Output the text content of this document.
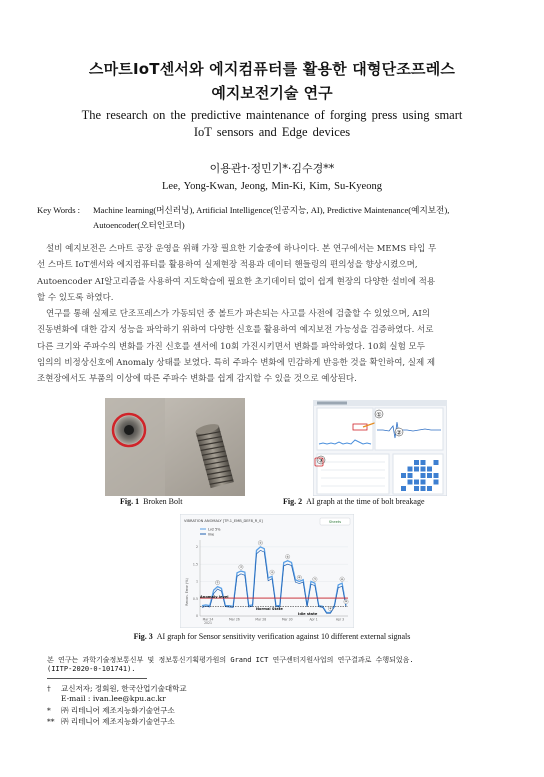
스마트IoT센서와 에지컴퓨터를 활용한 대형단조프레스
예지보전기술 연구
The research on the predictive maintenance of forging press using smart
IoT sensors and Edge devices
이용관†·정민기*·김수경**
Lee, Yong-Kwan, Jeong, Min-Ki, Kim, Su-Kyeong
Key Words : Machine learning(머신러닝), Artificial Intelligence(인공지능, AI), Predictive Maintenance(예지보전),
Autoencoder(오터인코더)
설비 예지보전은 스마트 공장 운영을 위해 가장 필요한 기술중에 하나이다. 본 연구에서는 MEMS 타입 무
선 스마트 IoT센서와 에지컴퓨터를 활용하여 실제현장 적용과 데이터 핸들링의 편의성을 향상시켰으며,
Autoencoder AI알고리즘을 사용하여 지도학습에 필요한 초기데이터 없이 쉽게 현장의 다양한 설비에 적용
할 수 있도록 하였다.
연구를 통해 실제로 단조프레스가 가동되던 중 볼트가 파손되는 사고를 사전에 검출할 수 있었으며, AI의
진동변화에 대한 감지 성능을 파악하기 위하여 다양한 신호를 활용하여 예지보전 가능성을 검증하였다. 서로
다른 크기와 주파수의 변화를 가진 신호를 센서에 10회 가진시키면서 변화를 파악하였다. 10회 실험 모두
임의의 비정상신호에 Anomaly 상태를 보였다. 특히 주파수 변화에 민감하게 반응한 것을 확인하여, 실제 제
조현장에서도 부품의 이상에 따른 주파수 변화를 쉽게 감지할 수 있을 것으로 예상된다.
①
②
③
Fig. 1 Broken Bolt	Fig. 2 AI graph at the time of bolt breakage
VIBRATION ANOMALY [TP-1_EMB_DEF8_R_0]	Sheets
Lv2 5%
line
Recon. Error (%)
0
0.5
1
1.5
2
Mar 24
2021
Mar 26	Mar 28	Mar 30	Apr 1	Apr 3
①
②
③
④
⑤
⑥	⑦
⑧
⑨
⑩
Anomaly level
Normal State
Idle state
Fig. 3 AI graph for Sensor sensitivity verification against 10 different external signals
본 연구는 과학기술정보통신부 및 정보통신기획평가원의 Grand ICT 연구센터지원사업의 연구결과로 수행되었음.
(IITP-2020-0-101741).
† 교신저자; 정회원, 한국산업기술대학교
E-mail : ivan.lee@kpu.ac.kr
* ㈜ 리테니어 제조지능화기술연구소
** ㈜ 리테니어 제조지능화기술연구소
